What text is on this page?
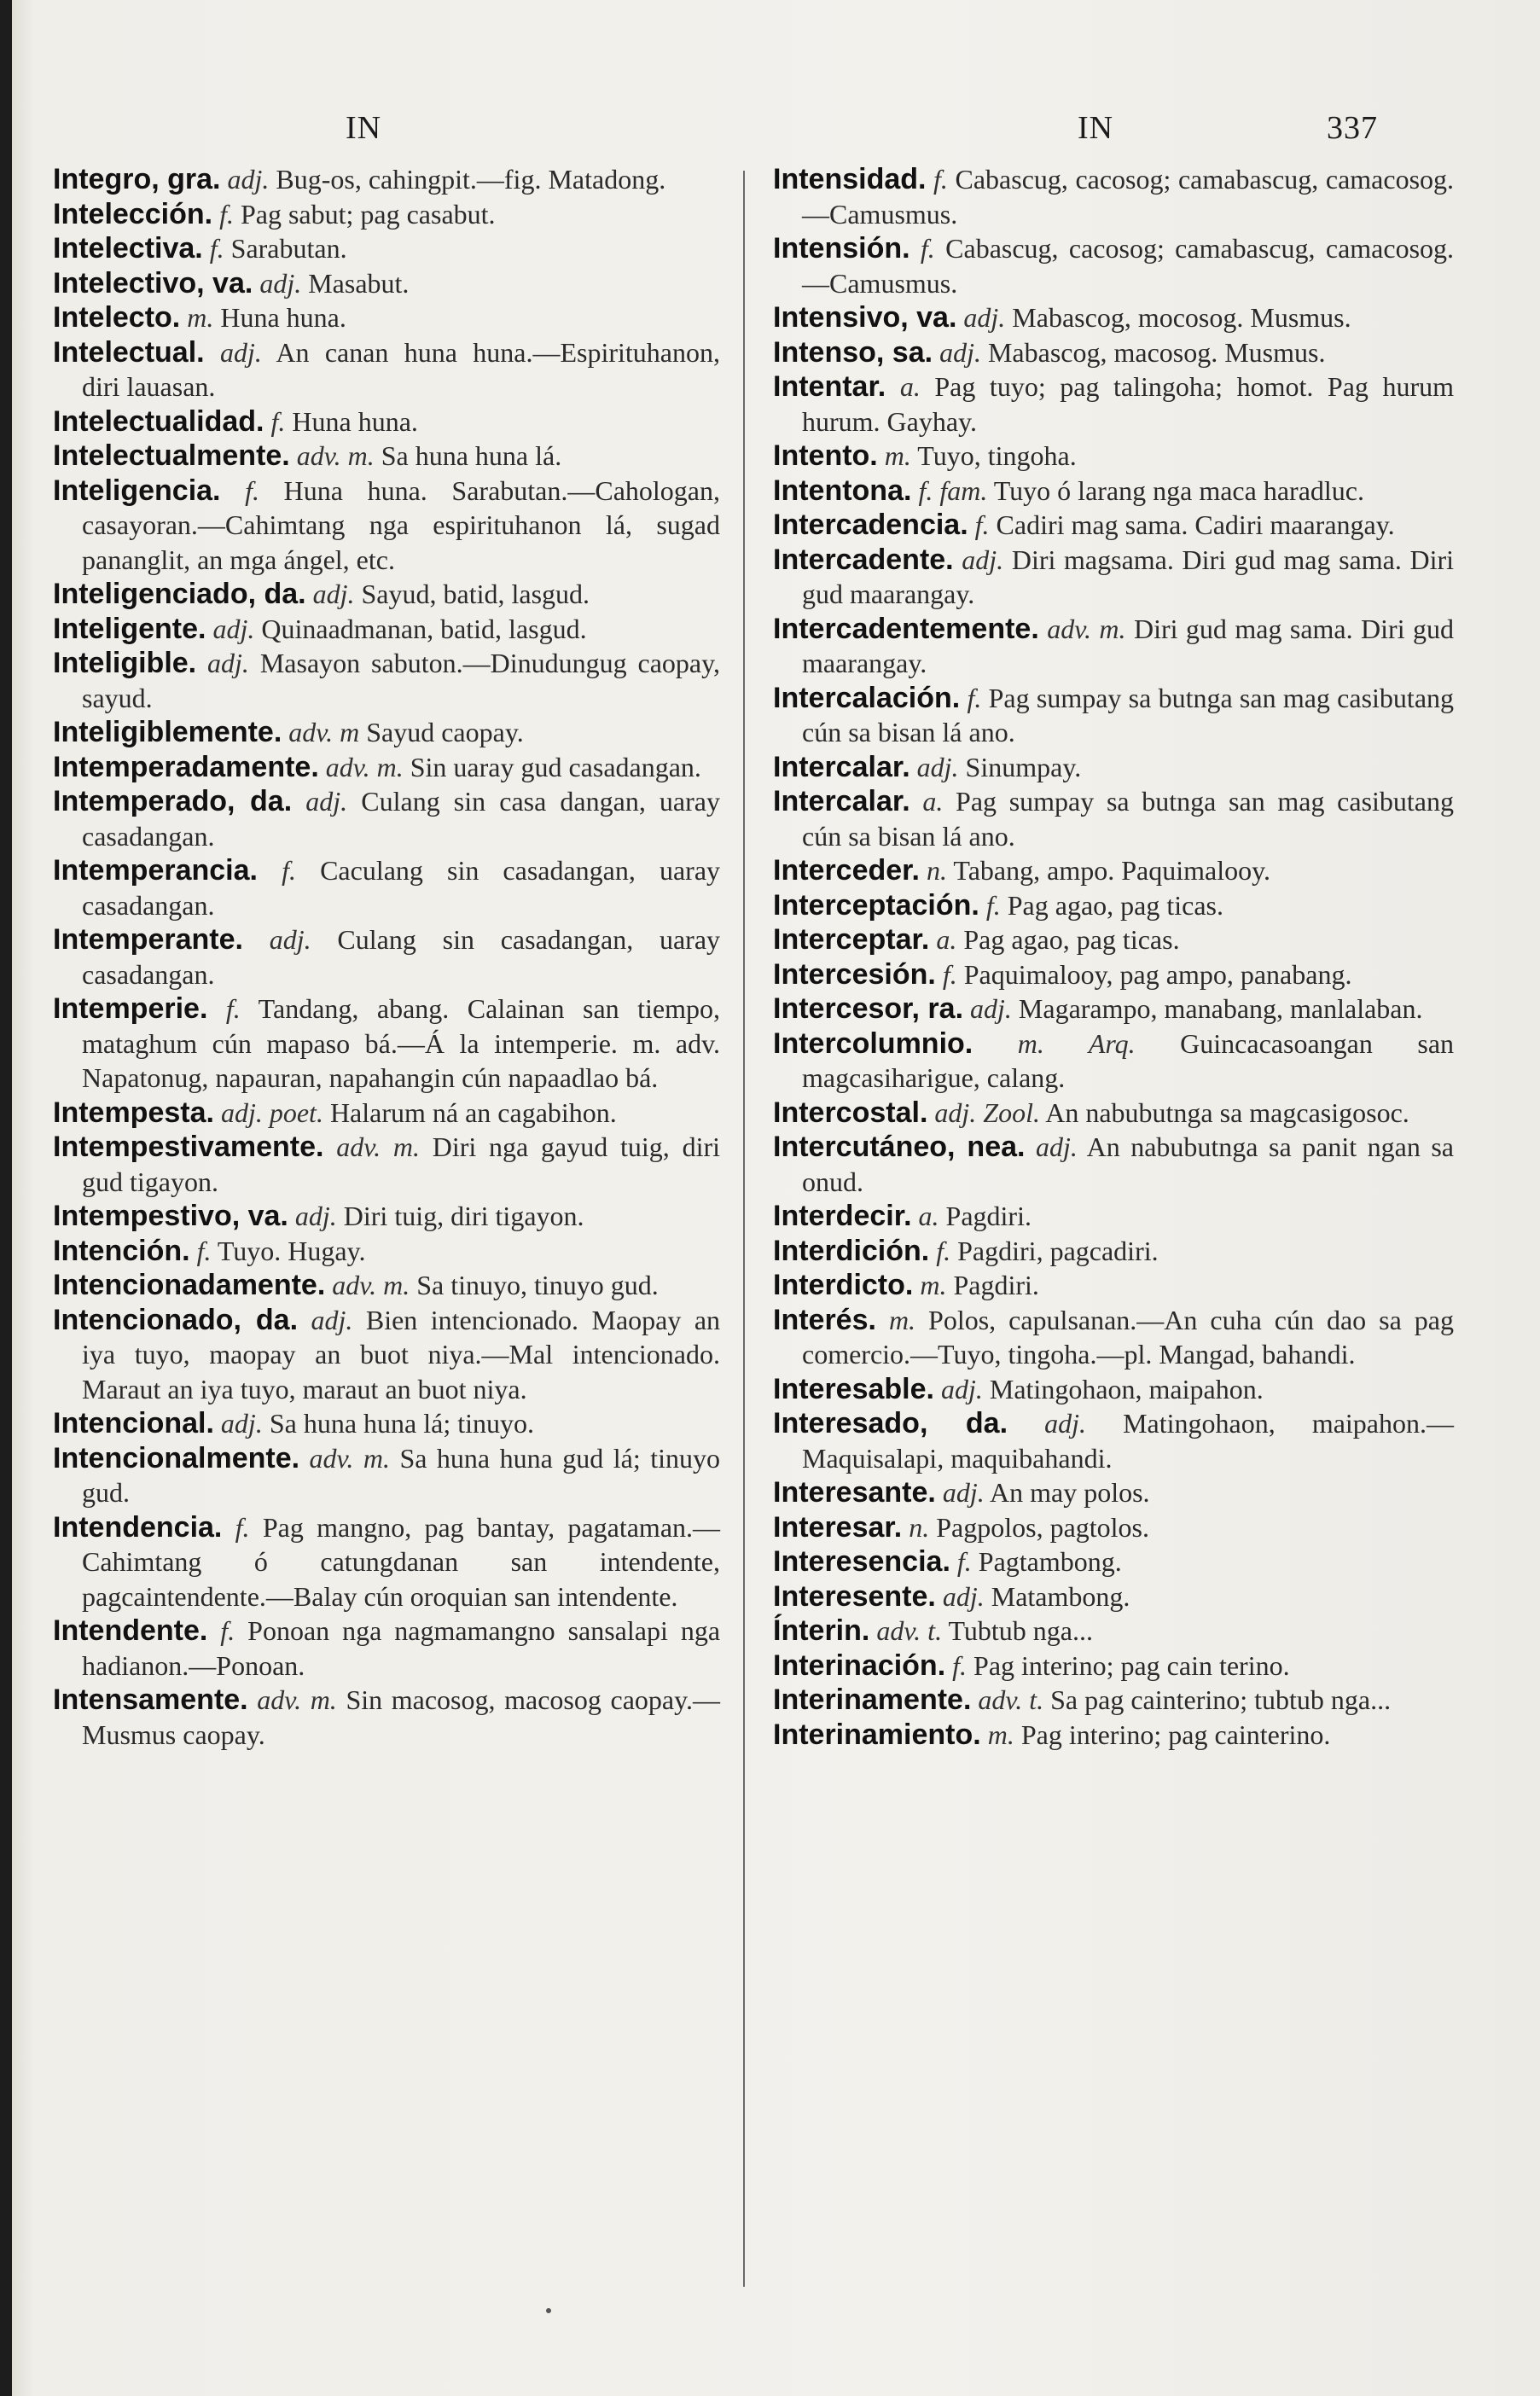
IN	IN	337

Integro, gra. adj. Bug-os, cahingpit.—fig. Matadong.

Intelección. f. Pag sabut; pag casabut.

Intelectiva. f. Sarabutan.

Intelectivo, va. adj. Masabut.

Intelecto. m. Huna huna.

Intelectual. adj. An canan huna huna.—Espirituhanon, diri lauasan.

Intelectualidad. f. Huna huna.

Intelectualmente. adv. m. Sa huna huna lá.

Inteligencia. f. Huna huna. Sarabutan.—Cahologan, casayoran.—Cahimtang nga espirituhanon lá, sugad pananglit, an mga ángel, etc.

Inteligenciado, da. adj. Sayud, batid, lasgud.

Inteligente. adj. Quinaadmanan, batid, lasgud.

Inteligible. adj. Masayon sabuton.—Dinudungug caopay, sayud.

Inteligiblemente. adv. m Sayud caopay.

Intemperadamente. adv. m. Sin uaray gud casadangan.

Intemperado, da. adj. Culang sin casa dangan, uaray casadangan.

Intemperancia. f. Caculang sin casadangan, uaray casadangan.

Intemperante. adj. Culang sin casadangan, uaray casadangan.

Intemperie. f. Tandang, abang. Calainan san tiempo, mataghum cún mapaso bá.—Á la intemperie. m. adv. Napatonug, napauran, napahangin cún napaadlao bá.

Intempesta. adj. poet. Halarum ná an cagabihon.

Intempestivamente. adv. m. Diri nga gayud tuig, diri gud tigayon.

Intempestivo, va. adj. Diri tuig, diri tigayon.

Intención. f. Tuyo. Hugay.

Intencionadamente. adv. m. Sa tinuyo, tinuyo gud.

Intencionado, da. adj. Bien intencionado. Maopay an iya tuyo, maopay an buot niya.—Mal intencionado. Maraut an iya tuyo, maraut an buot niya.

Intencional. adj. Sa huna huna lá; tinuyo.

Intencionalmente. adv. m. Sa huna huna gud lá; tinuyo gud.

Intendencia. f. Pag mangno, pag bantay, pagataman.—Cahimtang ó catungdanan san intendente, pagcaintendente.—Balay cún oroquian san intendente.

Intendente. f. Ponoan nga nagmamangno sansalapi nga hadianon.—Ponoan.

Intensamente. adv. m. Sin macosog, macosog caopay.—Musmus caopay.

Intensidad. f. Cabascug, cacosog; camabascug, camacosog.—Camusmus.

Intensión. f. Cabascug, cacosog; camabascug, camacosog.—Camusmus.

Intensivo, va. adj. Mabascog, mocosog. Musmus.

Intenso, sa. adj. Mabascog, macosog. Musmus.

Intentar. a. Pag tuyo; pag talingoha; homot. Pag hurum hurum. Gayhay.

Intento. m. Tuyo, tingoha.

Intentona. f. fam. Tuyo ó larang nga maca haradluc.

Intercadencia. f. Cadiri mag sama. Cadiri maarangay.

Intercadente. adj. Diri magsama. Diri gud mag sama. Diri gud maarangay.

Intercadentemente. adv. m. Diri gud mag sama. Diri gud maarangay.

Intercalación. f. Pag sumpay sa butnga san mag casibutang cún sa bisan lá ano.

Intercalar. adj. Sinumpay.

Intercalar. a. Pag sumpay sa butnga san mag casibutang cún sa bisan lá ano.

Interceder. n. Tabang, ampo. Paquimalooy.

Interceptación. f. Pag agao, pag ticas.

Interceptar. a. Pag agao, pag ticas.

Intercesión. f. Paquimalooy, pag ampo, panabang.

Intercesor, ra. adj. Magarampo, manabang, manlalaban.

Intercolumnio. m. Arq. Guincacasoangan san magcasiharigue, calang.

Intercostal. adj. Zool. An nabubutnga sa magcasigosoc.

Intercutáneo, nea. adj. An nabubutnga sa panit ngan sa onud.

Interdecir. a. Pagdiri.

Interdición. f. Pagdiri, pagcadiri.

Interdicto. m. Pagdiri.

Interés. m. Polos, capulsanan.—An cuha cún dao sa pag comercio.—Tuyo, tingoha.—pl. Mangad, bahandi.

Interesable. adj. Matingohaon, maipahon.

Interesado, da. adj. Matingohaon, maipahon.— Maquisalapi, maquibahandi.

Interesante. adj. An may polos.

Interesar. n. Pagpolos, pagtolos.

Interesencia. f. Pagtambong.

Interesente. adj. Matambong.

Ínterin. adv. t. Tubtub nga...

Interinación. f. Pag interino; pag cain terino.

Interinamente. adv. t. Sa pag cainterino; tubtub nga...

Interinamiento. m. Pag interino; pag cainterino.
